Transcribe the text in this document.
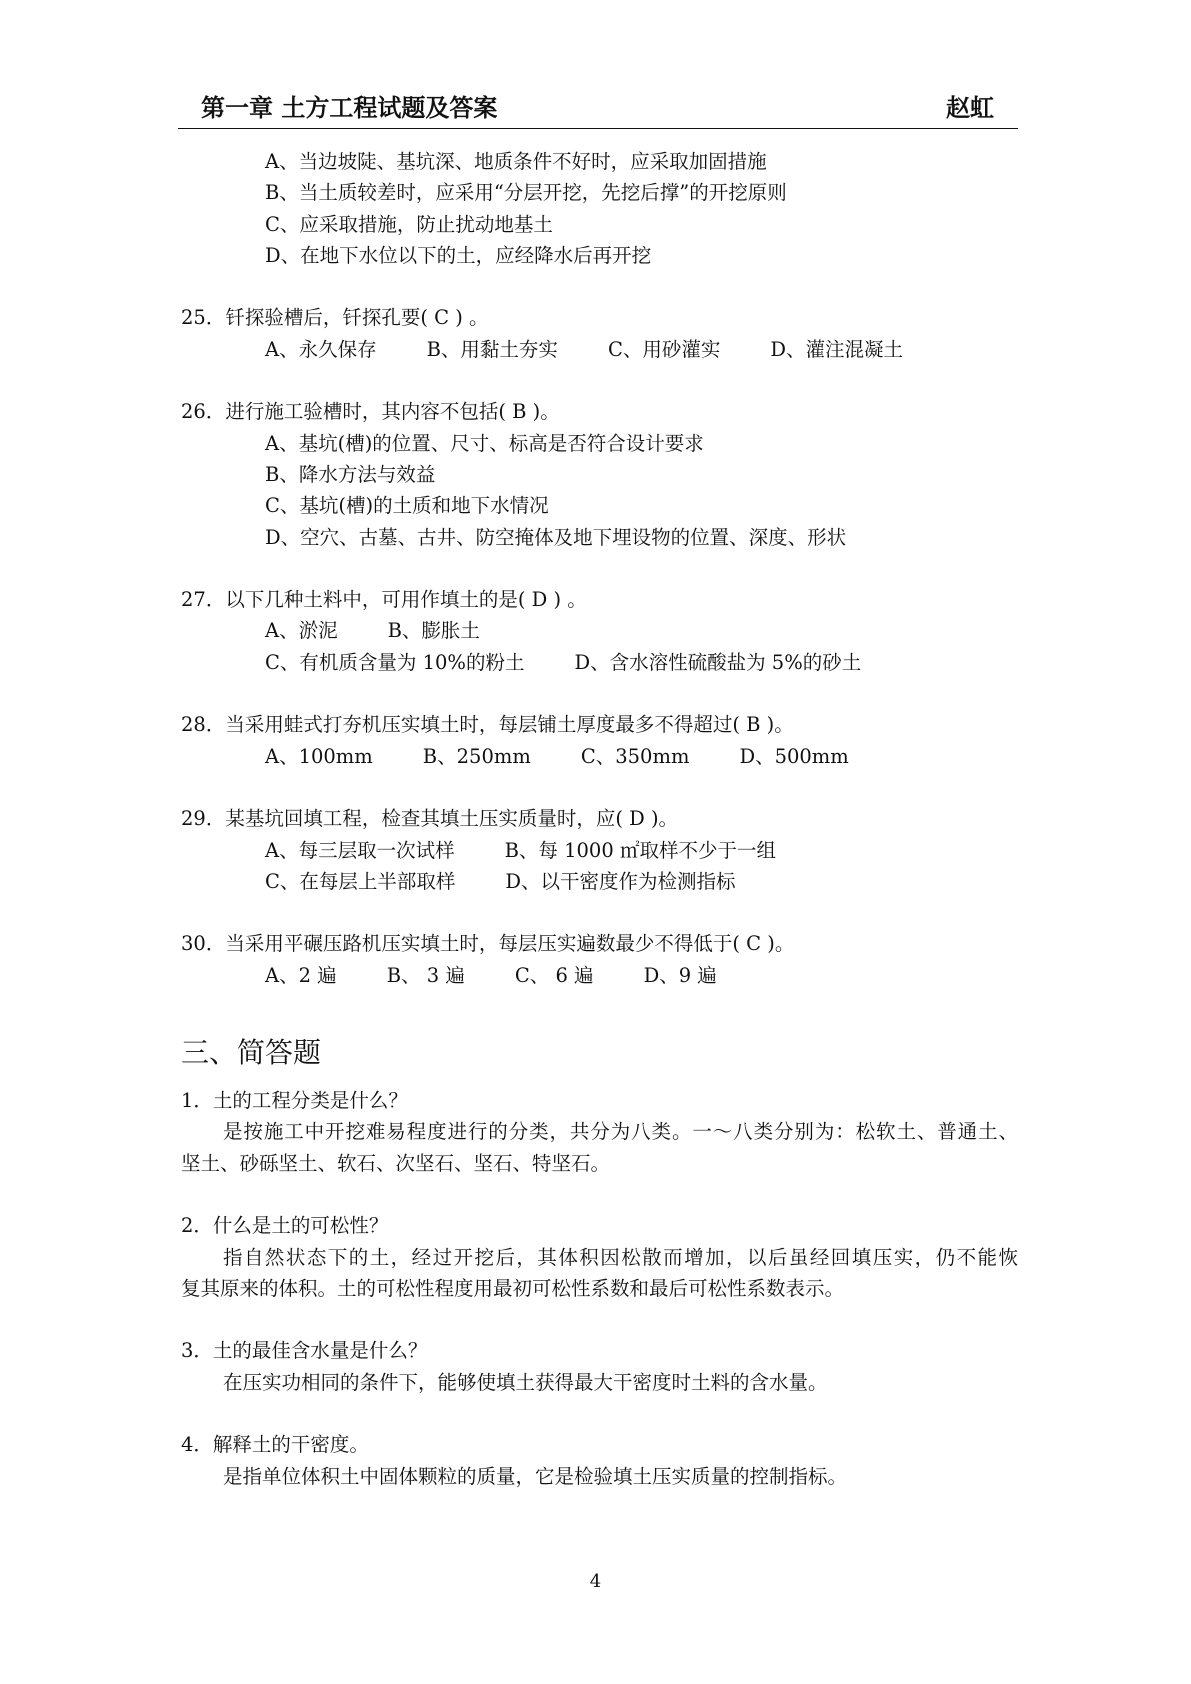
第一章 土方工程试题及答案	赵虹
A、当边坡陡、基坑深、地质条件不好时，应采取加固措施
B、当土质较差时，应采用“分层开挖，先挖后撑”的开挖原则
C、应采取措施，防止扰动地基土
D、在地下水位以下的土，应经降水后再开挖
25．钎探验槽后，钎探孔要( C ) 。
A、永久保存	B、用黏土夯实	C、用砂灌实	D、灌注混凝土
26．进行施工验槽时，其内容不包括( B )。
A、基坑(槽)的位置、尺寸、标高是否符合设计要求
B、降水方法与效益
C、基坑(槽)的土质和地下水情况
D、空穴、古墓、古井、防空掩体及地下埋设物的位置、深度、形状
27．以下几种土料中，可用作填土的是( D ) 。
A、淤泥	B、膨胀土
C、有机质含量为 10%的粉土	D、含水溶性硫酸盐为 5%的砂土
28．当采用蛙式打夯机压实填土时，每层铺土厚度最多不得超过( B )。
A、100mm	B、250mm	C、350mm	D、500mm
29．某基坑回填工程，检查其填土压实质量时，应( D )。
A、每三层取一次试样	B、每 1000 ㎡取样不少于一组
C、在每层上半部取样	D、以干密度作为检测指标
30．当采用平碾压路机压实填土时，每层压实遍数最少不得低于( C )。
A、2 遍	B、 3 遍	C、 6 遍	D、9 遍
三、简答题
1．土的工程分类是什么？
是按施工中开挖难易程度进行的分类，共分为八类。一～八类分别为：松软土、普通土、
坚土、砂砾坚土、软石、次坚石、坚石、特坚石。
2．什么是土的可松性？
指自然状态下的土，经过开挖后，其体积因松散而增加，以后虽经回填压实，仍不能恢
复其原来的体积。土的可松性程度用最初可松性系数和最后可松性系数表示。
3．土的最佳含水量是什么？
在压实功相同的条件下，能够使填土获得最大干密度时土料的含水量。
4．解释土的干密度。
是指单位体积土中固体颗粒的质量，它是检验填土压实质量的控制指标。
4
